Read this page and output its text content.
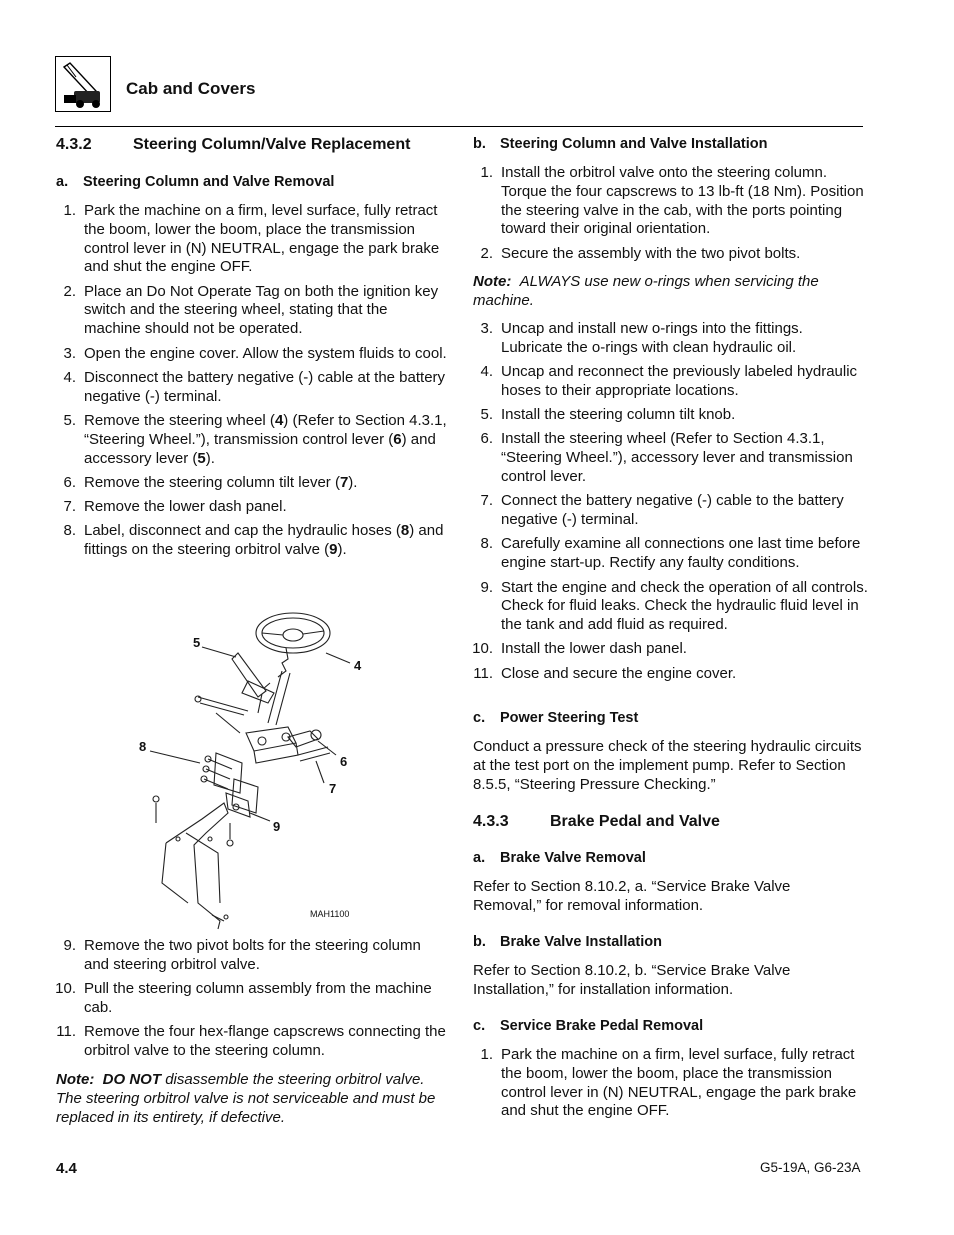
Cab and Covers
4.3.2	Steering Column/Valve Replacement
a. Steering Column and Valve Removal
1. Park the machine on a firm, level surface, fully retract the boom, lower the boom, place the transmission control lever in (N) NEUTRAL, engage the park brake and shut the engine OFF.
2. Place an Do Not Operate Tag on both the ignition key switch and the steering wheel, stating that the machine should not be operated.
3. Open the engine cover. Allow the system fluids to cool.
4. Disconnect the battery negative (-) cable at the battery negative (-) terminal.
5. Remove the steering wheel (4) (Refer to Section 4.3.1, “Steering Wheel.”), transmission control lever (6) and accessory lever (5).
6. Remove the steering column tilt lever (7).
7. Remove the lower dash panel.
8. Label, disconnect and cap the hydraulic hoses (8) and fittings on the steering orbitrol valve (9).
5
4
8
6
7
9
MAH1100
9. Remove the two pivot bolts for the steering column and steering orbitrol valve.
10. Pull the steering column assembly from the machine cab.
11. Remove the four hex-flange capscrews connecting the orbitrol valve to the steering column.
Note: DO NOT disassemble the steering orbitrol valve. The steering orbitrol valve is not serviceable and must be replaced in its entirety, if defective.
b. Steering Column and Valve Installation
1. Install the orbitrol valve onto the steering column. Torque the four capscrews to 13 lb-ft (18 Nm). Position the steering valve in the cab, with the ports pointing toward their original orientation.
2. Secure the assembly with the two pivot bolts.
Note: ALWAYS use new o-rings when servicing the machine.
3. Uncap and install new o-rings into the fittings. Lubricate the o-rings with clean hydraulic oil.
4. Uncap and reconnect the previously labeled hydraulic hoses to their appropriate locations.
5. Install the steering column tilt knob.
6. Install the steering wheel (Refer to Section 4.3.1, “Steering Wheel.”), accessory lever and transmission control lever.
7. Connect the battery negative (-) cable to the battery negative (-) terminal.
8. Carefully examine all connections one last time before engine start-up. Rectify any faulty conditions.
9. Start the engine and check the operation of all controls. Check for fluid leaks. Check the hydraulic fluid level in the tank and add fluid as required.
10. Install the lower dash panel.
11. Close and secure the engine cover.
c. Power Steering Test
Conduct a pressure check of the steering hydraulic circuits at the test port on the implement pump. Refer to Section 8.5.5, “Steering Pressure Checking.”
4.3.3	Brake Pedal and Valve
a. Brake Valve Removal
Refer to Section 8.10.2, a. “Service Brake Valve Removal,” for removal information.
b. Brake Valve Installation
Refer to Section 8.10.2, b. “Service Brake Valve Installation,” for installation information.
c. Service Brake Pedal Removal
1. Park the machine on a firm, level surface, fully retract the boom, lower the boom, place the transmission control lever in (N) NEUTRAL, engage the park brake and shut the engine OFF.
4.4	G5-19A, G6-23A
